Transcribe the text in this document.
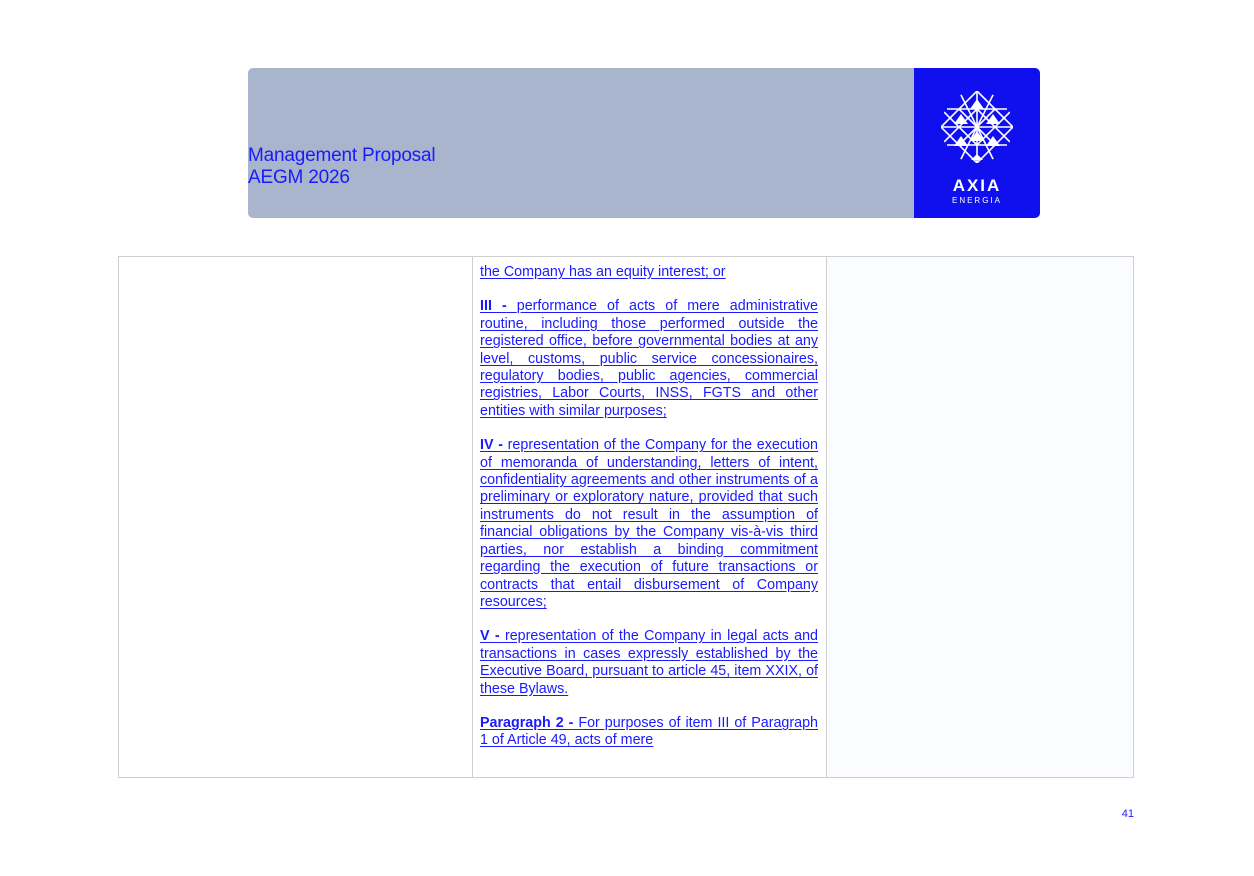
Management Proposal
AEGM 2026	AXIA
ENERGIA

the Company has an equity interest; or

III - performance of acts of mere administrative routine, including those performed outside the registered office, before governmental bodies at any level, customs, public service concessionaires, regulatory bodies, public agencies, commercial registries, Labor Courts, INSS, FGTS and other entities with similar purposes;

IV - representation of the Company for the execution of memoranda of understanding, letters of intent, confidentiality agreements and other instruments of a preliminary or exploratory nature, provided that such instruments do not result in the assumption of financial obligations by the Company vis-à-vis third parties, nor establish a binding commitment regarding the execution of future transactions or contracts that entail disbursement of Company resources;

V - representation of the Company in legal acts and transactions in cases expressly established by the Executive Board, pursuant to article 45, item XXIX, of these Bylaws.

Paragraph 2 - For purposes of item III of Paragraph 1 of Article 49, acts of mere

41
